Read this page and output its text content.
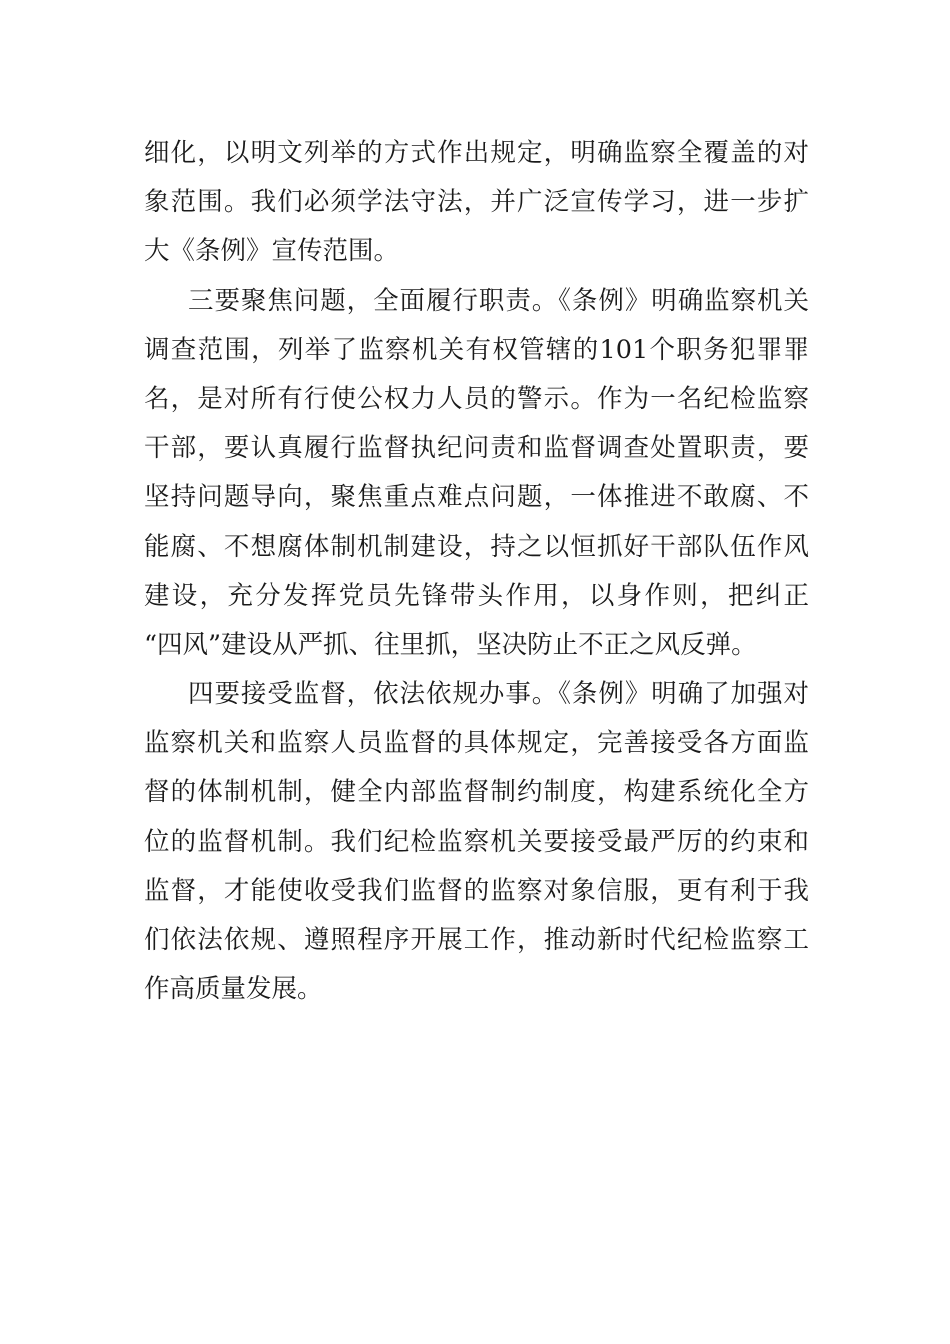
细化，以明文列举的方式作出规定，明确监察全覆盖的对
象范围。我们必须学法守法，并广泛宣传学习，进一步扩
大《条例》宣传范围。
三要聚焦问题，全面履行职责。《条例》明确监察机关
调查范围，列举了监察机关有权管辖的101个职务犯罪罪
名，是对所有行使公权力人员的警示。作为一名纪检监察
干部，要认真履行监督执纪问责和监督调查处置职责，要
坚持问题导向，聚焦重点难点问题，一体推进不敢腐、不
能腐、不想腐体制机制建设，持之以恒抓好干部队伍作风
建设，充分发挥党员先锋带头作用，以身作则，把纠正
“四风”建设从严抓、往里抓，坚决防止不正之风反弹。
四要接受监督，依法依规办事。《条例》明确了加强对
监察机关和监察人员监督的具体规定，完善接受各方面监
督的体制机制，健全内部监督制约制度，构建系统化全方
位的监督机制。我们纪检监察机关要接受最严厉的约束和
监督，才能使收受我们监督的监察对象信服，更有利于我
们依法依规、遵照程序开展工作，推动新时代纪检监察工
作高质量发展。
